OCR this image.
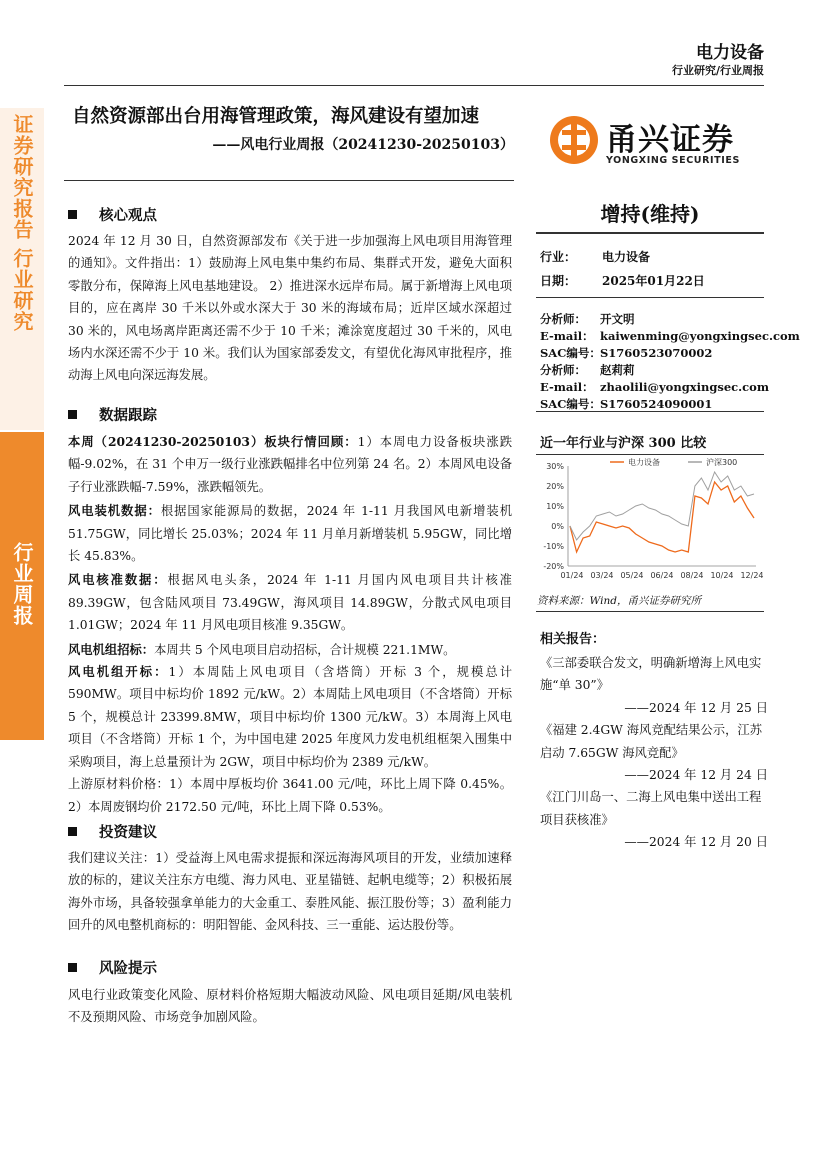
电力设备
行业研究/行业周报
证券研究报告 行业研究
行业周报
自然资源部出台用海管理政策，海风建设有望加速
——风电行业周报（20241230-20250103）	甬兴证券
YONGXING SECURITIES
核心观点
2024 年 12 月 30 日，自然资源部发布《关于进一步加强海上风电项目用海管理的通知》。文件指出：1）鼓励海上风电集中集约布局、集群式开发，避免大面积零散分布，保障海上风电基地建设。 2）推进深水远岸布局。属于新增海上风电项目的，应在离岸 30 千米以外或水深大于 30 米的海域布局；近岸区域水深超过 30 米的，风电场离岸距离还需不少于 10 千米；滩涂宽度超过 30 千米的，风电场内水深还需不少于 10 米。我们认为国家部委发文，有望优化海风审批程序，推动海上风电向深远海发展。
数据跟踪

本周（20241230-20250103）板块行情回顾：1）本周电力设备板块涨跌幅-9.02%，在 31 个申万一级行业涨跌幅排名中位列第 24 名。2）本周风电设备子行业涨跌幅-7.59%，涨跌幅领先。

风电装机数据：根据国家能源局的数据，2024 年 1-11 月我国风电新增装机 51.75GW，同比增长 25.03%；2024 年 11 月单月新增装机 5.95GW，同比增长 45.83%。

风电核准数据：根据风电头条，2024 年 1-11 月国内风电项目共计核准 89.39GW，包含陆风项目 73.49GW，海风项目 14.89GW，分散式风电项目 1.01GW；2024 年 11 月风电项目核准 9.35GW。

风电机组招标：本周共 5 个风电项目启动招标，合计规模 221.1MW。

风电机组开标：1）本周陆上风电项目（含塔筒）开标 3 个，规模总计 590MW。项目中标均价 1892 元/kW。2）本周陆上风电项目（不含塔筒）开标 5 个，规模总计 23399.8MW，项目中标均价 1300 元/kW。3）本周海上风电项目（不含塔筒）开标 1 个，为中国电建 2025 年度风力发电机组框架入围集中采购项目，海上总量预计为 2GW，项目中标均价为 2389 元/kW。

上游原材料价格：1）本周中厚板均价 3641.00 元/吨，环比上周下降 0.45%。2）本周废钢均价 2172.50 元/吨，环比上周下降 0.53%。

投资建议
我们建议关注：1）受益海上风电需求提振和深远海海风项目的开发，业绩加速释放的标的，建议关注东方电缆、海力风电、亚星锚链、起帆电缆等；2）积极拓展海外市场，具备较强拿单能力的大金重工、泰胜风能、振江股份等；3）盈利能力回升的风电整机商标的：明阳智能、金风科技、三一重能、运达股份等。
风险提示
风电行业政策变化风险、原材料价格短期大幅波动风险、风电项目延期/风电装机不及预期风险、市场竞争加剧风险。
增持(维持)
行业： 电力设备
日期： 2025年01月22日
分析师： 开文明
E-mail： kaiwenming@yongxingsec.com
SAC编号：S1760523070002
分析师： 赵莉莉
E-mail： zhaolili@yongxingsec.com
SAC编号：S1760524090001
近一年行业与沪深 300 比较
30%
20%
10%
0%
-10%
-20%
01/24 03/24 05/24 06/24 08/24 10/24 12/24
电力设备	沪深300
资料来源：Wind，甬兴证券研究所
相关报告：

《三部委联合发文，明确新增海上风电实施“单 30”》

——2024 年 12 月 25 日

《福建 2.4GW 海风竞配结果公示，江苏启动 7.65GW 海风竞配》

——2024 年 12 月 24 日

《江门川岛一、二海上风电集中送出工程项目获核准》

——2024 年 12 月 20 日
